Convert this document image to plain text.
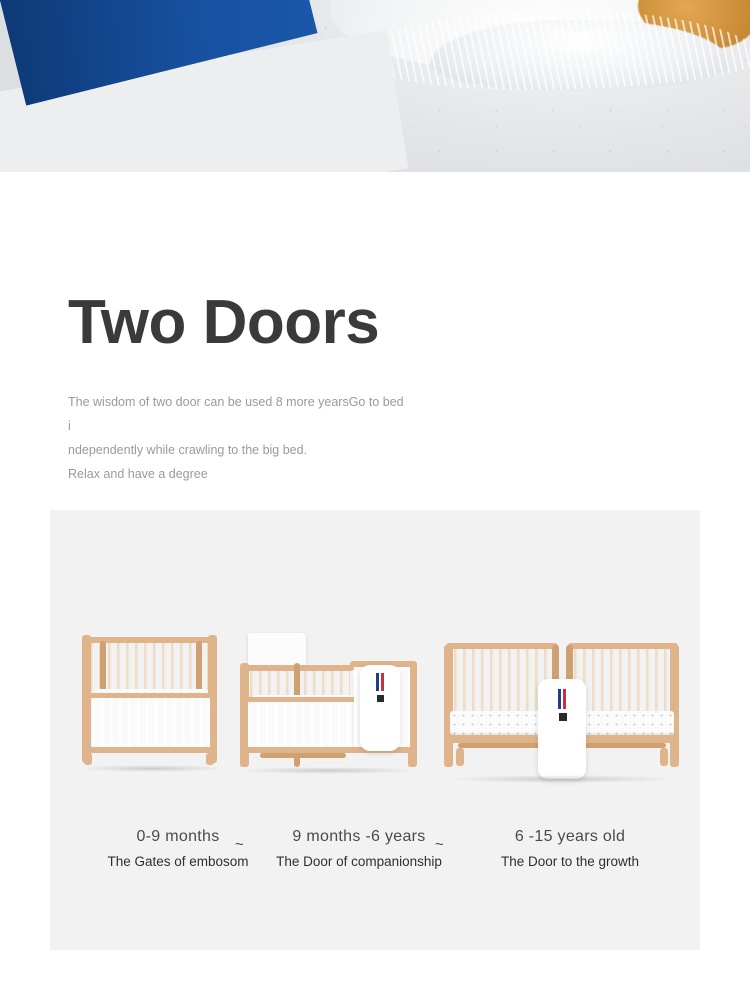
Two Doors

The wisdom of two door can be used 8 more yearsGo to bed i

ndependently while crawling to the big bed.

Relax and have a degree

0-9 months
The Gates of embosom
~	9 months -6 years
The Door of companionship
~	6 -15 years old
The Door to the growth
